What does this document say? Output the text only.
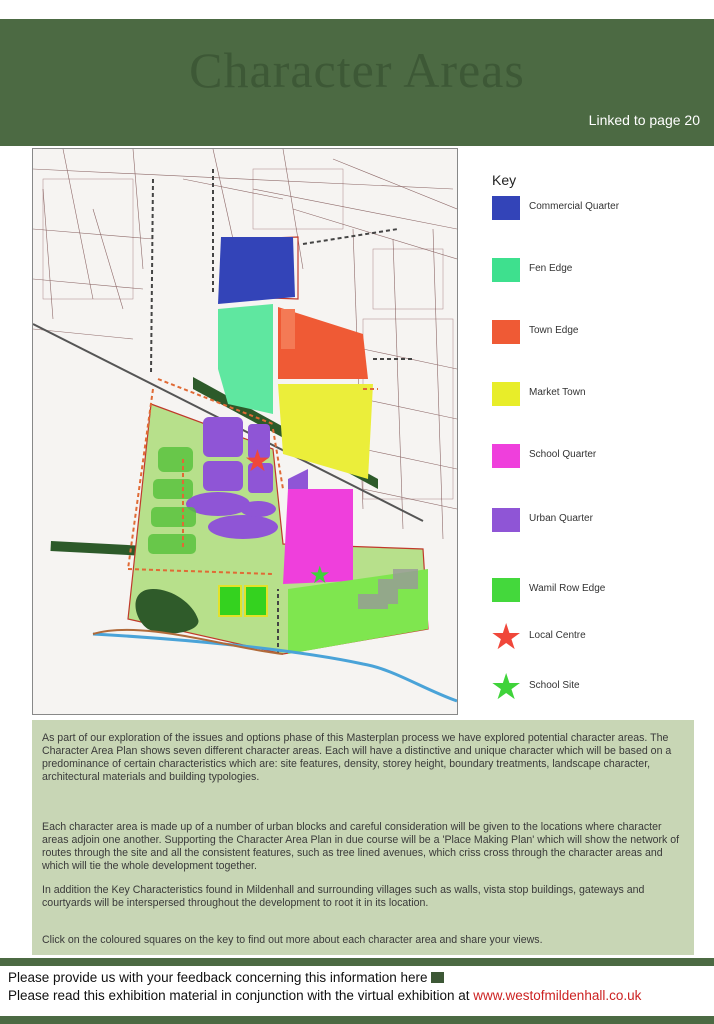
Character Areas
Linked to page 20
★
★
Key
Commercial Quarter
Fen Edge
Town Edge
Market Town
School Quarter
Urban Quarter
Wamil Row Edge
★ Local Centre
★ School Site

As part of our exploration of the issues and options phase of this Masterplan process we have explored potential character areas. The Character Area Plan shows seven different character areas. Each will have a distinctive and unique character which will be based on a predominance of certain characteristics which are: site features, density, storey height, boundary treatments, landscape character, architectural materials and building typologies.

Each character area is made up of a number of urban blocks and careful consideration will be given to the locations where character areas adjoin one another. Supporting the Character Area Plan in due course will be a 'Place Making Plan' which will show the network of routes through the site and all the consistent features, such as tree lined avenues, which criss cross through the character areas and which will tie the whole development together.

In addition the Key Characteristics found in Mildenhall and surrounding villages such as walls, vista stop buildings, gateways and courtyards will be interspersed throughout the development to root it in its location.

Click on the coloured squares on the key to find out more about each character area and share your views.

Please provide us with your feedback concerning this information here
Please read this exhibition material in conjunction with the virtual exhibition at www.westofmildenhall.co.uk
